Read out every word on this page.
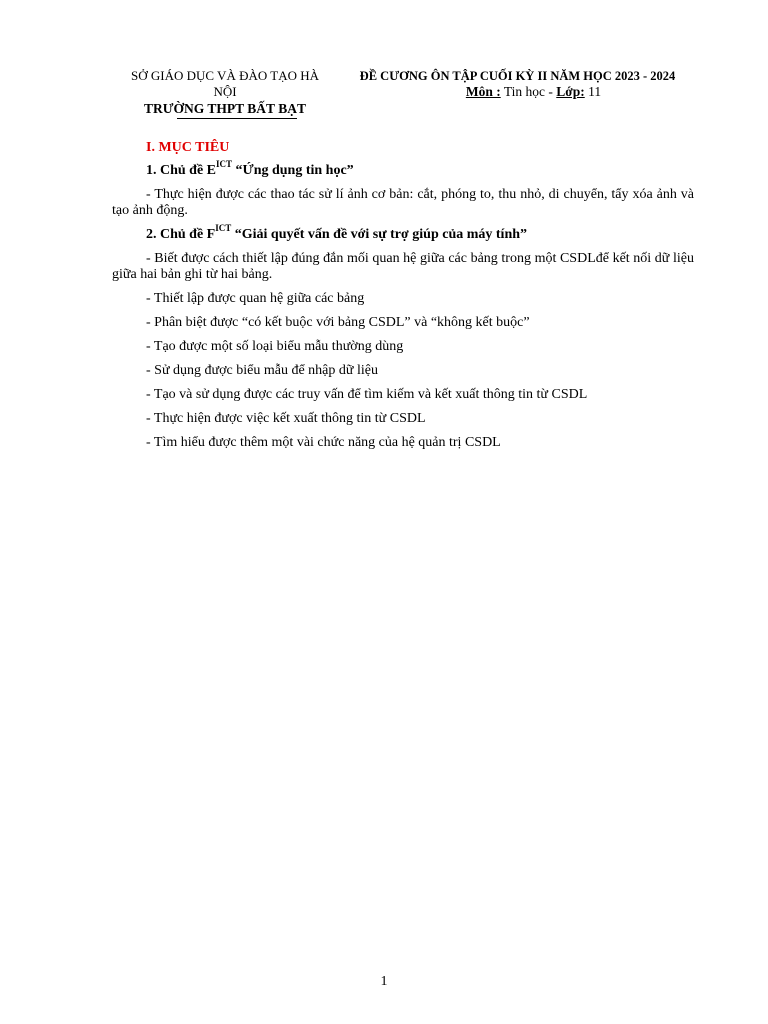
SỞ GIÁO DỤC VÀ ĐÀO TẠO HÀ
NỘI
TRƯỜNG THPT BẤT BẠT
ĐỀ CƯƠNG ÔN TẬP CUỐI KỲ II NĂM HỌC 2023 - 2024
Môn : Tin học - Lớp: 11
I. MỤC TIÊU
1. Chủ đề $E^{ICT}$ “Ứng dụng tin học”
- Thực hiện được các thao tác sử lí ảnh cơ bản: cắt, phóng to, thu nhỏ, di chuyển, tẩy xóa ảnh và tạo ảnh động.
2. Chủ đề $F^{ICT}$ “Giải quyết vấn đề với sự trợ giúp của máy tính”
- Biết được cách thiết lập đúng đắn mối quan hệ giữa các bảng trong một CSDLđể kết nối dữ liệu giữa hai bản ghi từ hai bảng.
- Thiết lập được quan hệ giữa các bảng
- Phân biệt được “có kết buộc với bảng CSDL” và “không kết buộc”
- Tạo được một số loại biểu mẫu thường dùng
- Sử dụng được biểu mẫu để nhập dữ liệu
- Tạo và sử dụng được các truy vấn để tìm kiếm và kết xuất thông tin từ CSDL
- Thực hiện được việc kết xuất thông tin từ CSDL
- Tìm hiểu được thêm một vài chức năng của hệ quản trị CSDL
1
